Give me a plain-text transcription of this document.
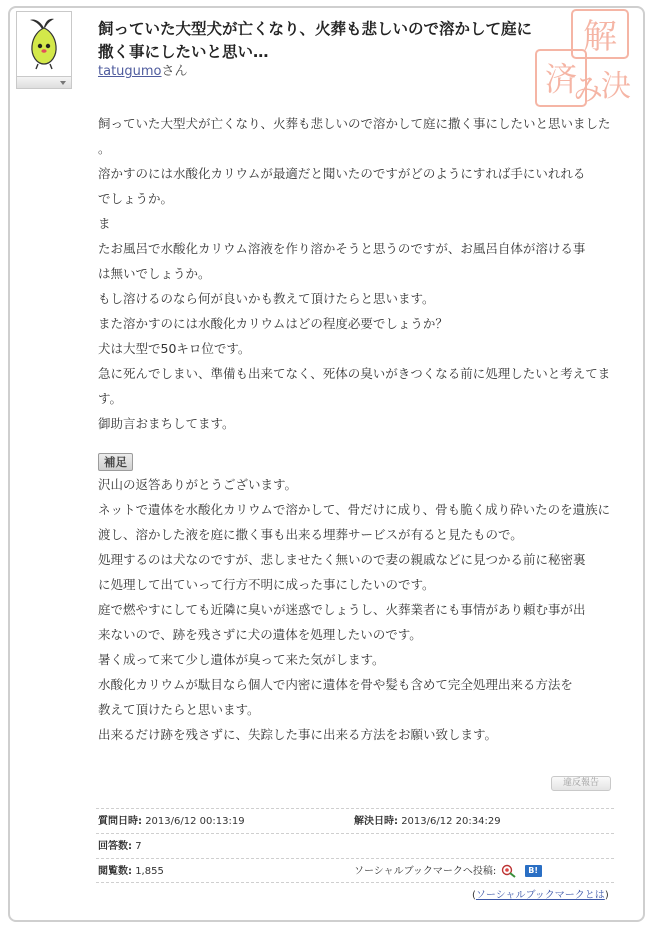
飼っていた大型犬が亡くなり、火葬も悲しいので溶かして庭に撒く事にしたいと思い…
tatugumoさん
解
済
み
決
飼っていた大型犬が亡くなり、火葬も悲しいので溶かして庭に撒く事にしたいと思いました
。
溶かすのには水酸化カリウムが最適だと聞いたのですがどのようにすれば手にいれれる
でしょうか。
ま
たお風呂で水酸化カリウム溶液を作り溶かそうと思うのですが、お風呂自体が溶ける事
は無いでしょうか。
もし溶けるのなら何が良いかも教えて頂けたらと思います。
また溶かすのには水酸化カリウムはどの程度必要でしょうか？
犬は大型で50キロ位です。
急に死んでしまい、準備も出来てなく、死体の臭いがきつくなる前に処理したいと考えてま
す。
御助言おまちしてます。
補足
沢山の返答ありがとうございます。
ネットで遺体を水酸化カリウムで溶かして、骨だけに成り、骨も脆く成り砕いたのを遺族に
渡し、溶かした液を庭に撒く事も出来る埋葬サービスが有ると見たもので。
処理するのは犬なのですが、悲しませたく無いので妻の親戚などに見つかる前に秘密裏
に処理して出ていって行方不明に成った事にしたいのです。
庭で燃やすにしても近隣に臭いが迷惑でしょうし、火葬業者にも事情があり頼む事が出
来ないので、跡を残さずに犬の遺体を処理したいのです。
暑く成って来て少し遺体が臭って来た気がします。
水酸化カリウムが駄目なら個人で内密に遺体を骨や髪も含めて完全処理出来る方法を
教えて頂けたらと思います。
出来るだけ跡を残さずに、失踪した事に出来る方法をお願い致します。
違反報告
質問日時: 2013/6/12 00:13:19	解決日時: 2013/6/12 20:34:29
回答数: 7
閲覧数: 1,855	ソーシャルブックマークへ投稿:	B!
(ソーシャルブックマークとは)
